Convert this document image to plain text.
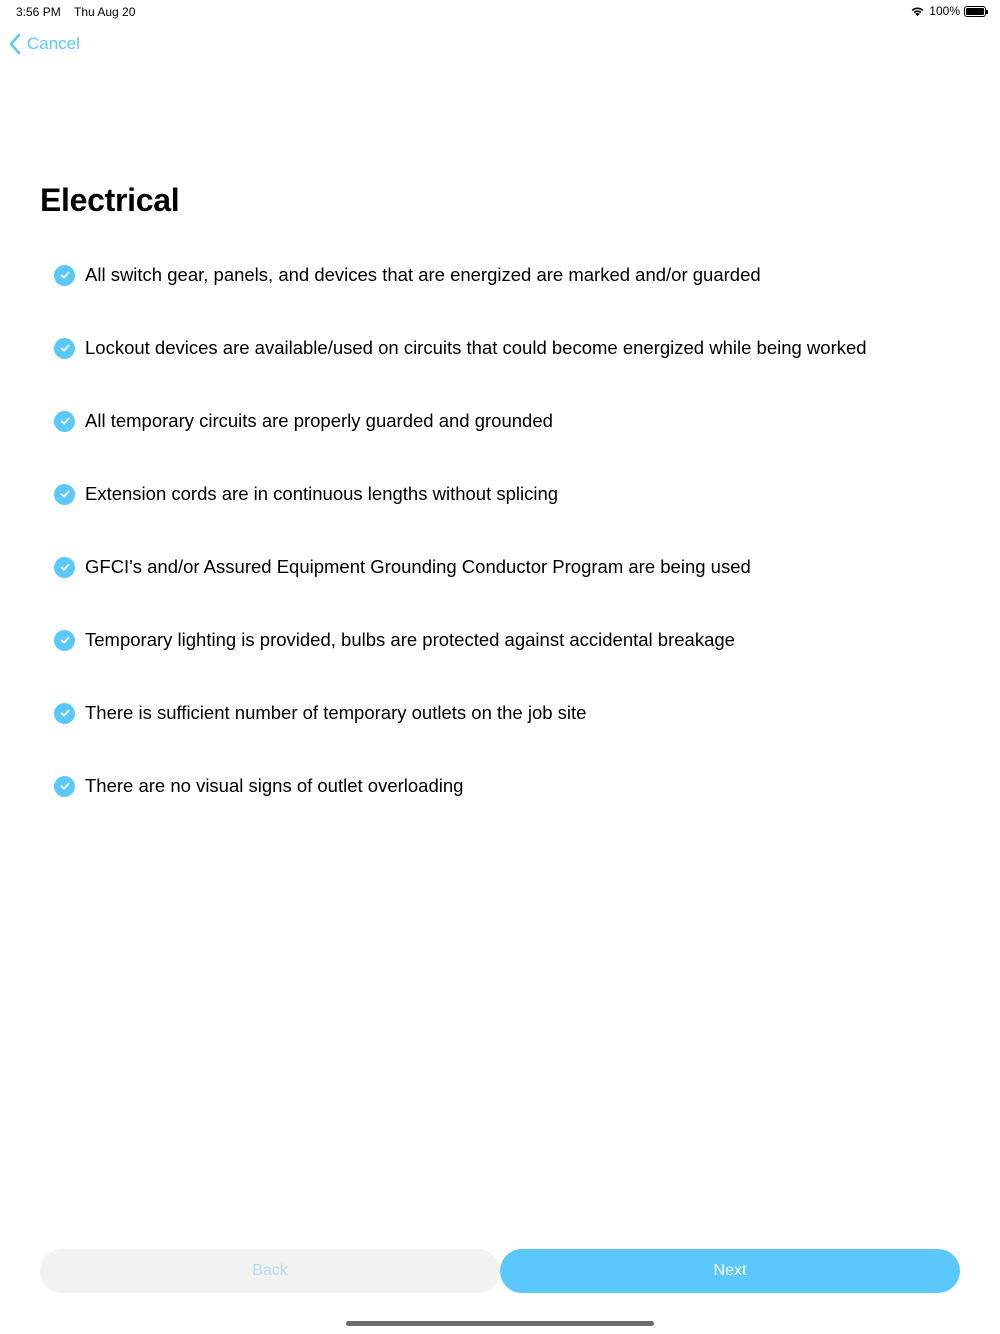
3:56 PM Thu Aug 20	100%
Cancel
Electrical
All switch gear, panels, and devices that are energized are marked and/or guarded
Lockout devices are available/used on circuits that could become energized while being worked
All temporary circuits are properly guarded and grounded
Extension cords are in continuous lengths without splicing
GFCI's and/or Assured Equipment Grounding Conductor Program are being used
Temporary lighting is provided, bulbs are protected against accidental breakage
There is sufficient number of temporary outlets on the job site
There are no visual signs of outlet overloading
Back	Next
